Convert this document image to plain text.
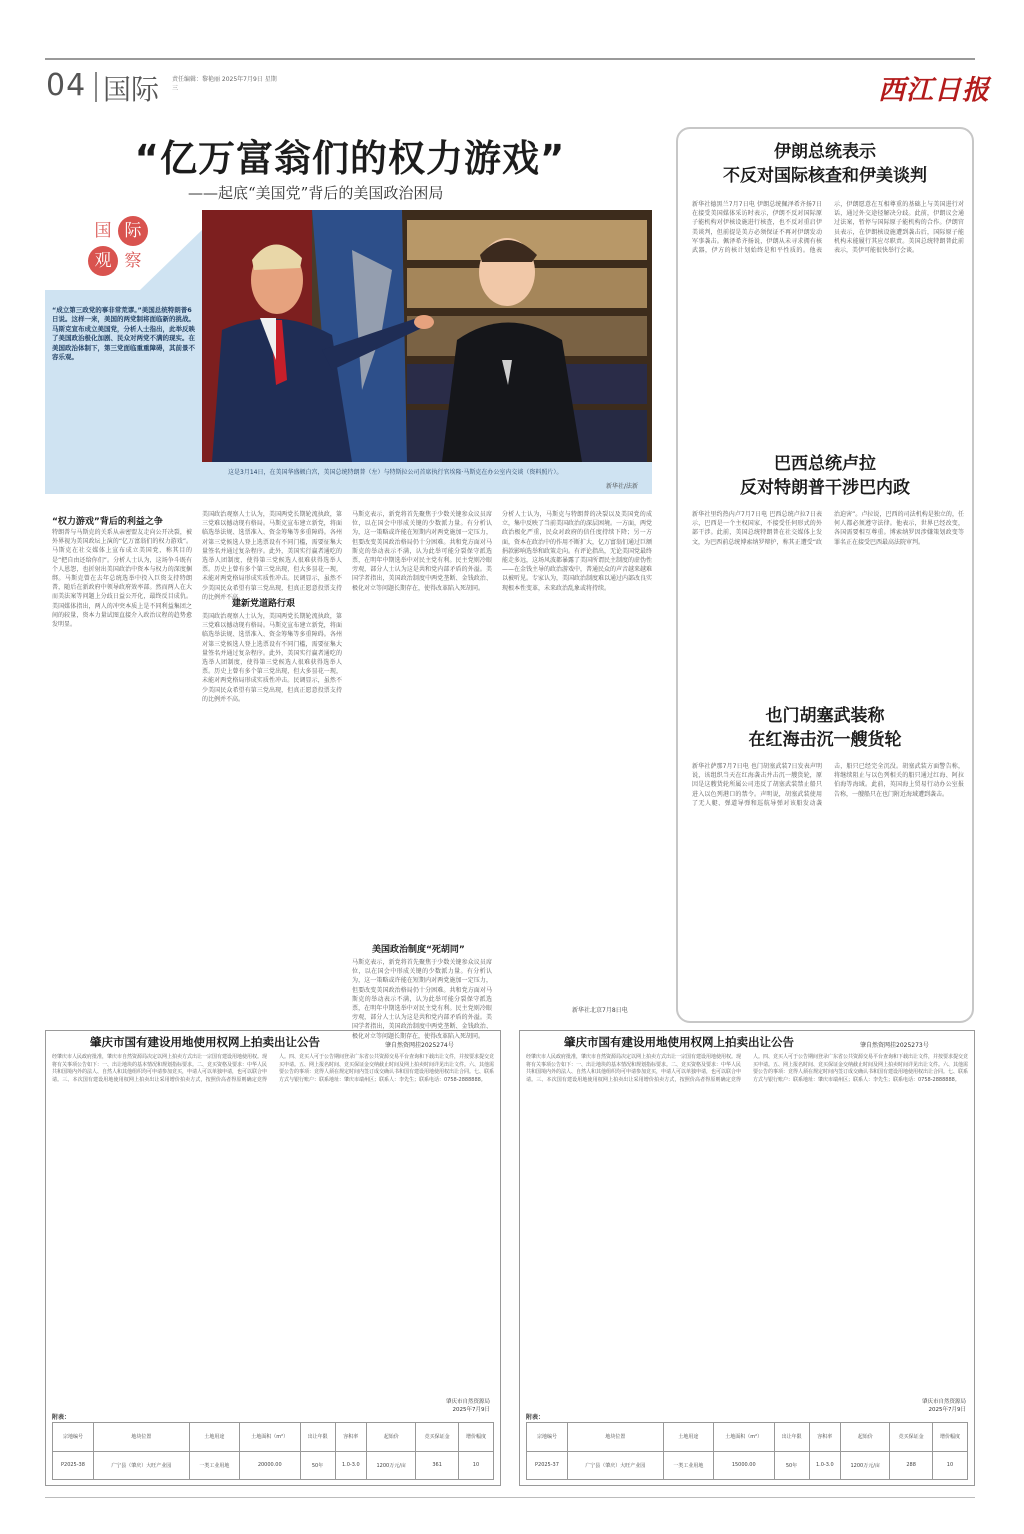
04 国际 责任编辑：黎艳丽 2025年7月9日 星期三	西江日报
“亿万富翁们的权力游戏”
——起底“美国党”背后的美国政治困局
国 际
观 察
“成立第三政党的事非常荒谬。”美国总统特朗普6日说。这样一来，美国的两党制将面临新的挑战。马斯克宣布成立美国党，分析人士指出，此举反映了美国政治极化加剧、民众对两党不满的现实。在美国政治体制下，第三党面临重重障碍，其前景不容乐观。
这是3月14日，在美国华盛顿白宫，美国总统特朗普（左）与特斯拉公司首席执行官埃隆·马斯克在办公室内交谈（资料照片）。
新华社/法新
“权力游戏”背后的利益之争
特朗普与马斯克的关系从亲密盟友走向公开决裂，被外界视为美国政坛上演的“亿万富翁们的权力游戏”。马斯克在社交媒体上宣布成立美国党，称其目的是“把自由还给你们”。分析人士认为，这场争斗既有个人恩怨，也折射出美国政治中资本与权力的深度捆绑。马斯克曾在去年总统选举中投入巨资支持特朗普，随后在新政府中领导政府效率部。然而两人在大而美法案等问题上分歧日益公开化，最终反目成仇。美国媒体指出，两人的冲突本质上是不同利益集团之间的较量，资本力量试图直接介入政治议程的趋势愈发明显。
美国政治观察人士认为，美国两党长期轮流执政，第三党难以撼动现有格局。马斯克宣布建立新党，将面临选举法规、选票准入、资金筹集等多重障碍。各州对第三党候选人登上选票设有不同门槛，需要征集大量签名并通过复杂程序。此外，美国实行赢者通吃的选举人团制度，使得第三党候选人很难获得选举人票。历史上曾有多个第三党出现，但大多昙花一现，未能对两党格局形成实质性冲击。民调显示，虽然不少美国民众希望有第三党出现，但真正愿意投票支持的比例并不高。
建新党道路行艰
美国政治观察人士认为，美国两党长期轮流执政，第三党难以撼动现有格局。马斯克宣布建立新党，将面临选举法规、选票准入、资金筹集等多重障碍。各州对第三党候选人登上选票设有不同门槛，需要征集大量签名并通过复杂程序。此外，美国实行赢者通吃的选举人团制度，使得第三党候选人很难获得选举人票。历史上曾有多个第三党出现，但大多昙花一现，未能对两党格局形成实质性冲击。民调显示，虽然不少美国民众希望有第三党出现，但真正愿意投票支持的比例并不高。
马斯克表示，新党将首先聚焦于少数关键参众议员席位，以在国会中形成关键的少数派力量。有分析认为，这一策略或许能在短期内对两党施加一定压力，但要改变美国政治格局仍十分困难。共和党方面对马斯克的举动表示不满，认为此举可能分裂保守派选票，在明年中期选举中对民主党有利。民主党则冷眼旁观，部分人士认为这是共和党内部矛盾的外溢。美国学者指出，美国政治制度中两党垄断、金钱政治、极化对立等问题长期存在，使得改革陷入死胡同。
美国政治制度“死胡同”
马斯克表示，新党将首先聚焦于少数关键参众议员席位，以在国会中形成关键的少数派力量。有分析认为，这一策略或许能在短期内对两党施加一定压力，但要改变美国政治格局仍十分困难。共和党方面对马斯克的举动表示不满，认为此举可能分裂保守派选票，在明年中期选举中对民主党有利。民主党则冷眼旁观，部分人士认为这是共和党内部矛盾的外溢。美国学者指出，美国政治制度中两党垄断、金钱政治、极化对立等问题长期存在，使得改革陷入死胡同。
分析人士认为，马斯克与特朗普的决裂以及美国党的成立，集中反映了当前美国政治的深层困境。一方面，两党政治极化严重，民众对政府的信任度持续下降；另一方面，资本在政治中的作用不断扩大，亿万富翁们通过巨额捐款影响选举和政策走向。有评论指出，无论美国党最终能走多远，这场风波都暴露了美国所谓民主制度的虚伪性——在金钱主导的政治游戏中，普通民众的声音越来越难以被听见。专家认为，美国政治制度难以通过内部改良实现根本性变革，未来政治乱象或将持续。
新华社北京7月8日电
伊朗总统表示
不反对国际核查和伊美谈判
新华社德黑兰7月7日电 伊朗总统佩泽希齐扬7日在接受美国媒体采访时表示，伊朗不反对国际原子能机构对伊核设施进行核查，也不反对重启伊美谈判，但前提是美方必须保证不再对伊朗发动军事袭击。佩泽希齐扬说，伊朗从未寻求拥有核武器，伊方的核计划始终是和平性质的。他表示，伊朗愿意在互相尊重的基础上与美国进行对话，通过外交途径解决分歧。此前，伊朗议会通过法案，暂停与国际原子能机构的合作。伊朗官员表示，在伊朗核设施遭到袭击后，国际原子能机构未能履行其应尽职责。美国总统特朗普此前表示，美伊可能很快举行会谈。
巴西总统卢拉
反对特朗普干涉巴内政
新华社里约热内卢7月7日电 巴西总统卢拉7日表示，巴西是一个主权国家，不接受任何形式的外部干涉。此前，美国总统特朗普在社交媒体上发文，为巴西前总统博索纳罗辩护，称其正遭受“政治迫害”。卢拉说，巴西的司法机构是独立的，任何人都必须遵守法律。他表示，世界已经改变，各国需要相互尊重。博索纳罗因涉嫌策划政变等罪名正在接受巴西最高法院审判。
也门胡塞武装称
在红海击沉一艘货轮
新华社萨那7月7日电 也门胡塞武装7日发表声明说，该组织当天在红海袭击并击沉一艘货轮，原因是这艘货轮所属公司违反了胡塞武装禁止船只进入以色列港口的禁令。声明说，胡塞武装使用了无人艇、弹道导弹和巡航导弹对该船发动袭击，船只已经完全沉没。胡塞武装方面警告称，将继续阻止与以色列相关的船只通过红海、阿拉伯海等海域。此前，英国海上贸易行动办公室报告称，一艘船只在也门附近海域遭到袭击。
肇庆市国有建设用地使用权网上拍卖出让公告	肇自然资网挂2025274号
经肇庆市人民政府批准，肇庆市自然资源局决定以网上拍卖方式出让一宗国有建设用地使用权。现将有关事项公告如下：一、出让地块的基本情况和规划指标要求。二、竞买资格及要求：中华人民共和国境内外的法人、自然人和其他组织均可申请参加竞买，申请人可以单独申请，也可以联合申请。三、本次国有建设用地使用权网上拍卖出让采用增价拍卖方式，按照价高者得原则确定竞得人。四、竞买人可于公告期间登录广东省公共资源交易平台查询和下载出让文件，并按要求提交竞买申请。五、网上报名时间、竞买保证金交纳截止时间及网上拍卖时间详见出让文件。六、其他需要公告的事项：竞得人须在规定时间内签订成交确认书和国有建设用地使用权出让合同。七、联系方式与银行账户：联系地址：肇庆市端州区；联系人：李先生；联系电话：0758-2888888。
肇庆市自然资源局
2025年7月9日
附表：
宗地编号	地块位置	土地用途	土地面积（m²）	出让年限	容积率	起始价	竞买保证金	增价幅度
P2025-38	广宁县（肇庆）大旺产业园	一类工业用地	20000.00	50年	1.0-3.0	1200万元/亩	361	10
肇庆市国有建设用地使用权网上拍卖出让公告	肇自然资网挂2025273号
经肇庆市人民政府批准，肇庆市自然资源局决定以网上拍卖方式出让一宗国有建设用地使用权。现将有关事项公告如下：一、出让地块的基本情况和规划指标要求。二、竞买资格及要求：中华人民共和国境内外的法人、自然人和其他组织均可申请参加竞买，申请人可以单独申请，也可以联合申请。三、本次国有建设用地使用权网上拍卖出让采用增价拍卖方式，按照价高者得原则确定竞得人。四、竞买人可于公告期间登录广东省公共资源交易平台查询和下载出让文件，并按要求提交竞买申请。五、网上报名时间、竞买保证金交纳截止时间及网上拍卖时间详见出让文件。六、其他需要公告的事项：竞得人须在规定时间内签订成交确认书和国有建设用地使用权出让合同。七、联系方式与银行账户：联系地址：肇庆市端州区；联系人：李先生；联系电话：0758-2888888。
肇庆市自然资源局
2025年7月9日
附表：
宗地编号	地块位置	土地用途	土地面积（m²）	出让年限	容积率	起始价	竞买保证金	增价幅度
P2025-37	广宁县（肇庆）大旺产业园	一类工业用地	15000.00	50年	1.0-3.0	1200万元/亩	288	10
